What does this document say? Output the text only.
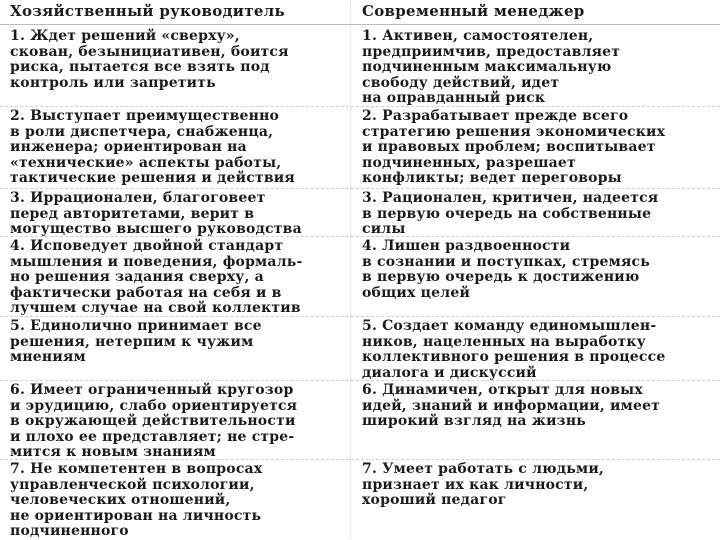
Хозяйственный руководитель	Современный менеджер
1. Ждет решений «сверху»,
скован, безынициативен, боится
риска, пытается все взять под
контроль или запретить
1. Активен, самостоятелен,
предприимчив, предоставляет
подчиненным максимальную
свободу действий, идет
на оправданный риск
2. Выступает преимущественно
в роли диспетчера, снабженца,
инженера; ориентирован на
«технические» аспекты работы,
тактические решения и действия
2. Разрабатывает прежде всего
стратегию решения экономических
и правовых проблем; воспитывает
подчиненных, разрешает
конфликты; ведет переговоры
3. Иррационален, благоговеет
перед авторитетами, верит в
могущество высшего руководства
3. Рационален, критичен, надеется
в первую очередь на собственные
силы
4. Исповедует двойной стандарт
мышления и поведения, формаль-
но решения задания сверху, а
фактически работая на себя и в
лучшем случае на свой коллектив
4. Лишен раздвоенности
в сознании и поступках, стремясь
в первую очередь к достижению
общих целей
5. Единолично принимает все
решения, нетерпим к чужим
мнениям
5. Создает команду единомышлен-
ников, нацеленных на выработку
коллективного решения в процессе
диалога и дискуссий
6. Имеет ограниченный кругозор
и эрудицию, слабо ориентируется
в окружающей действительности
и плохо ее представляет; не стре-
мится к новым знаниям
6. Динамичен, открыт для новых
идей, знаний и информации, имеет
широкий взгляд на жизнь
7. Не компетентен в вопросах
управленческой психологии,
человеческих отношений,
не ориентирован на личность
подчиненного
7. Умеет работать с людьми,
признает их как личности,
хороший педагог
